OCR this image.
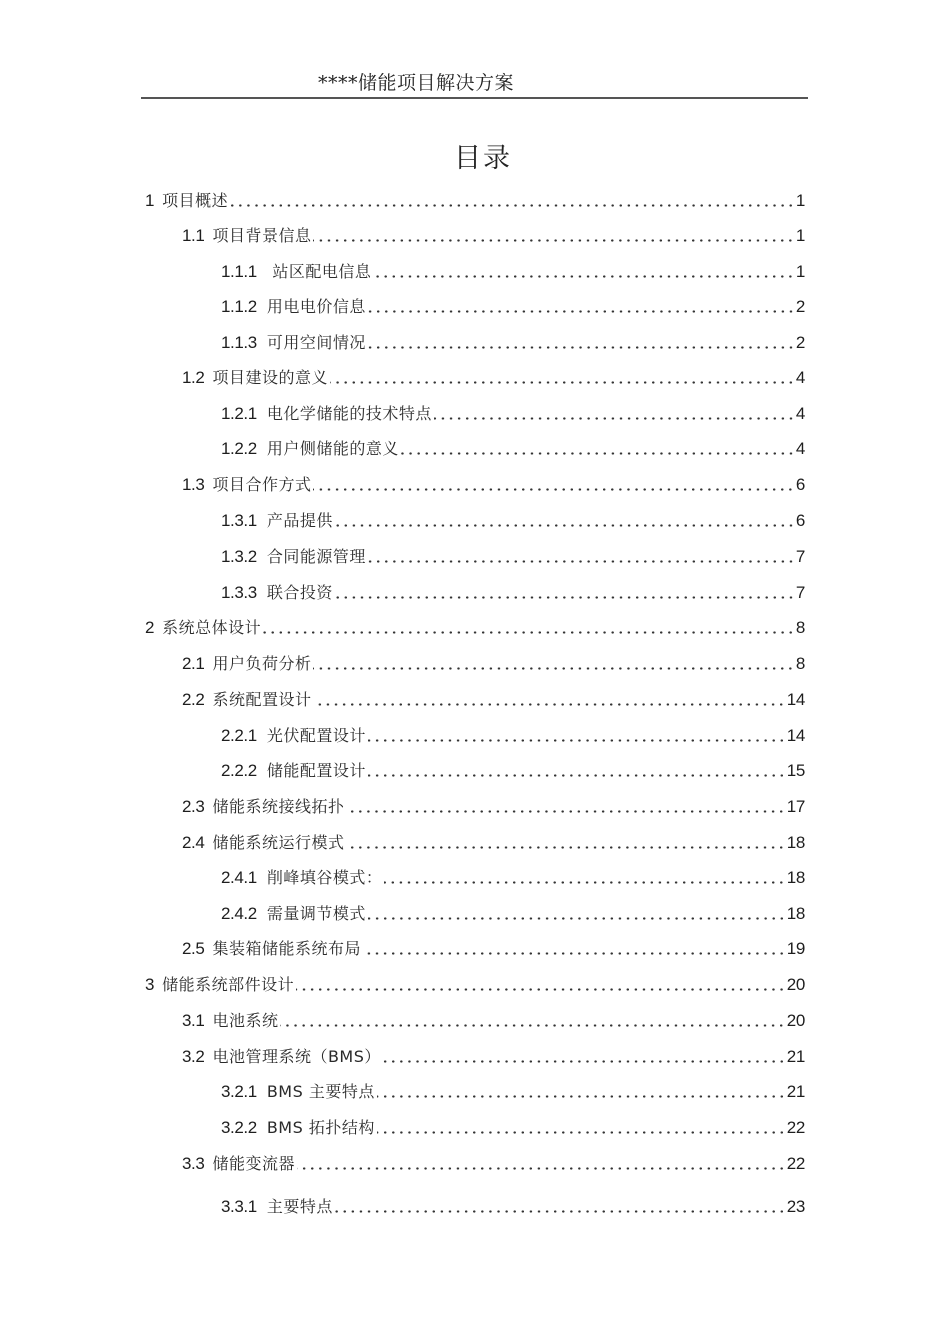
****储能项目解决方案
目录
1 项目概述	1
1.1 项目背景信息	1
1.1.1 站区配电信息	1
1.1.2 用电电价信息	2
1.1.3 可用空间情况	2
1.2 项目建设的意义	4
1.2.1 电化学储能的技术特点	4
1.2.2 用户侧储能的意义	4
1.3 项目合作方式	6
1.3.1 产品提供	6
1.3.2 合同能源管理	7
1.3.3 联合投资	7
2 系统总体设计	8
2.1 用户负荷分析	8
2.2 系统配置设计	14
2.2.1 光伏配置设计	14
2.2.2 储能配置设计	15
2.3 储能系统接线拓扑	17
2.4 储能系统运行模式	18
2.4.1 削峰填谷模式：	18
2.4.2 需量调节模式	18
2.5 集装箱储能系统布局	19
3 储能系统部件设计	20
3.1 电池系统	20
3.2 电池管理系统（BMS）	21
3.2.1 BMS 主要特点	21
3.2.2 BMS 拓扑结构	22
3.3 储能变流器	22
3.3.1 主要特点	23
